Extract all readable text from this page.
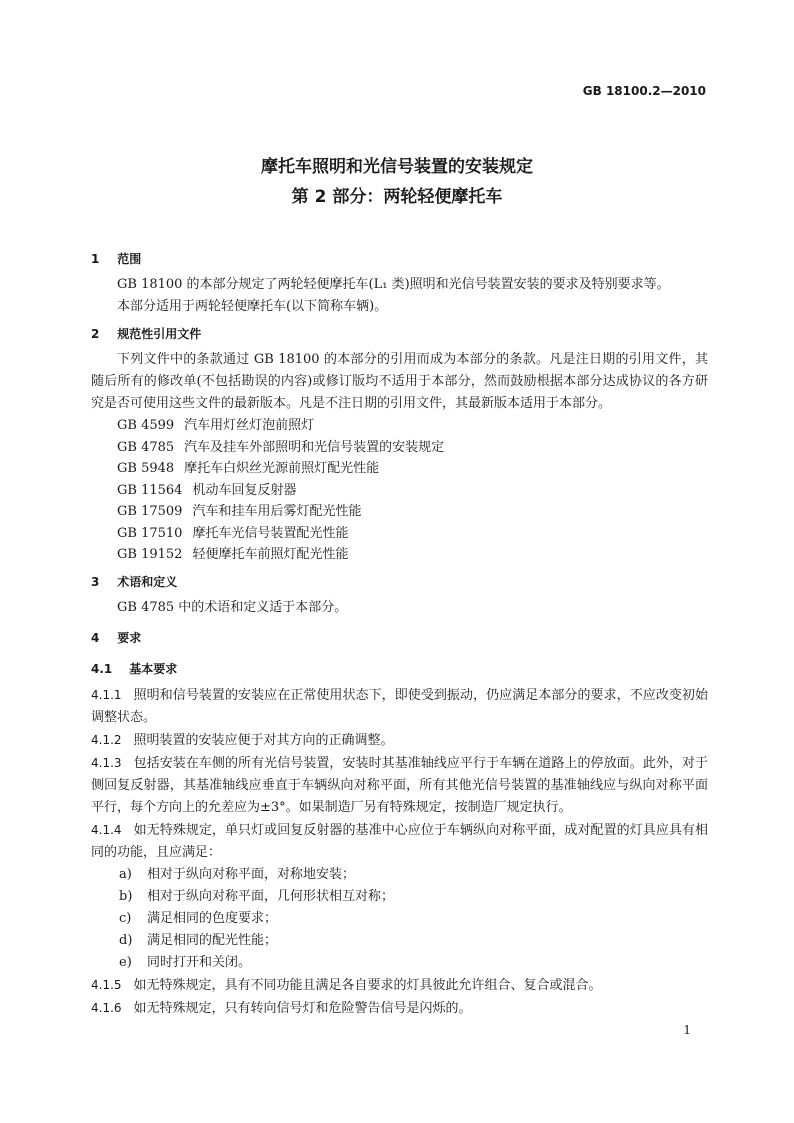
GB 18100.2—2010
摩托车照明和光信号装置的安装规定
第 2 部分：两轮轻便摩托车
1 范围
GB 18100 的本部分规定了两轮轻便摩托车(L₁ 类)照明和光信号装置安装的要求及特别要求等。
本部分适用于两轮轻便摩托车(以下简称车辆)。
2 规范性引用文件
下列文件中的条款通过 GB 18100 的本部分的引用而成为本部分的条款。凡是注日期的引用文件，其随后所有的修改单(不包括勘误的内容)或修订版均不适用于本部分，然而鼓励根据本部分达成协议的各方研究是否可使用这些文件的最新版本。凡是不注日期的引用文件，其最新版本适用于本部分。
GB 4599 汽车用灯丝灯泡前照灯
GB 4785 汽车及挂车外部照明和光信号装置的安装规定
GB 5948 摩托车白炽丝光源前照灯配光性能
GB 11564 机动车回复反射器
GB 17509 汽车和挂车用后雾灯配光性能
GB 17510 摩托车光信号装置配光性能
GB 19152 轻便摩托车前照灯配光性能
3 术语和定义
GB 4785 中的术语和定义适于本部分。
4 要求
4.1 基本要求
4.1.1 照明和信号装置的安装应在正常使用状态下，即使受到振动，仍应满足本部分的要求，不应改变初始调整状态。
4.1.2 照明装置的安装应便于对其方向的正确调整。
4.1.3 包括安装在车侧的所有光信号装置，安装时其基准轴线应平行于车辆在道路上的停放面。此外，对于侧回复反射器，其基准轴线应垂直于车辆纵向对称平面，所有其他光信号装置的基准轴线应与纵向对称平面平行，每个方向上的允差应为±3°。如果制造厂另有特殊规定，按制造厂规定执行。
4.1.4 如无特殊规定，单只灯或回复反射器的基准中心应位于车辆纵向对称平面，成对配置的灯具应具有相同的功能，且应满足：
a) 相对于纵向对称平面，对称地安装；
b) 相对于纵向对称平面，几何形状相互对称；
c) 满足相同的色度要求；
d) 满足相同的配光性能；
e) 同时打开和关闭。
4.1.5 如无特殊规定，具有不同功能且满足各自要求的灯具彼此允许组合、复合或混合。
4.1.6 如无特殊规定，只有转向信号灯和危险警告信号是闪烁的。
1
